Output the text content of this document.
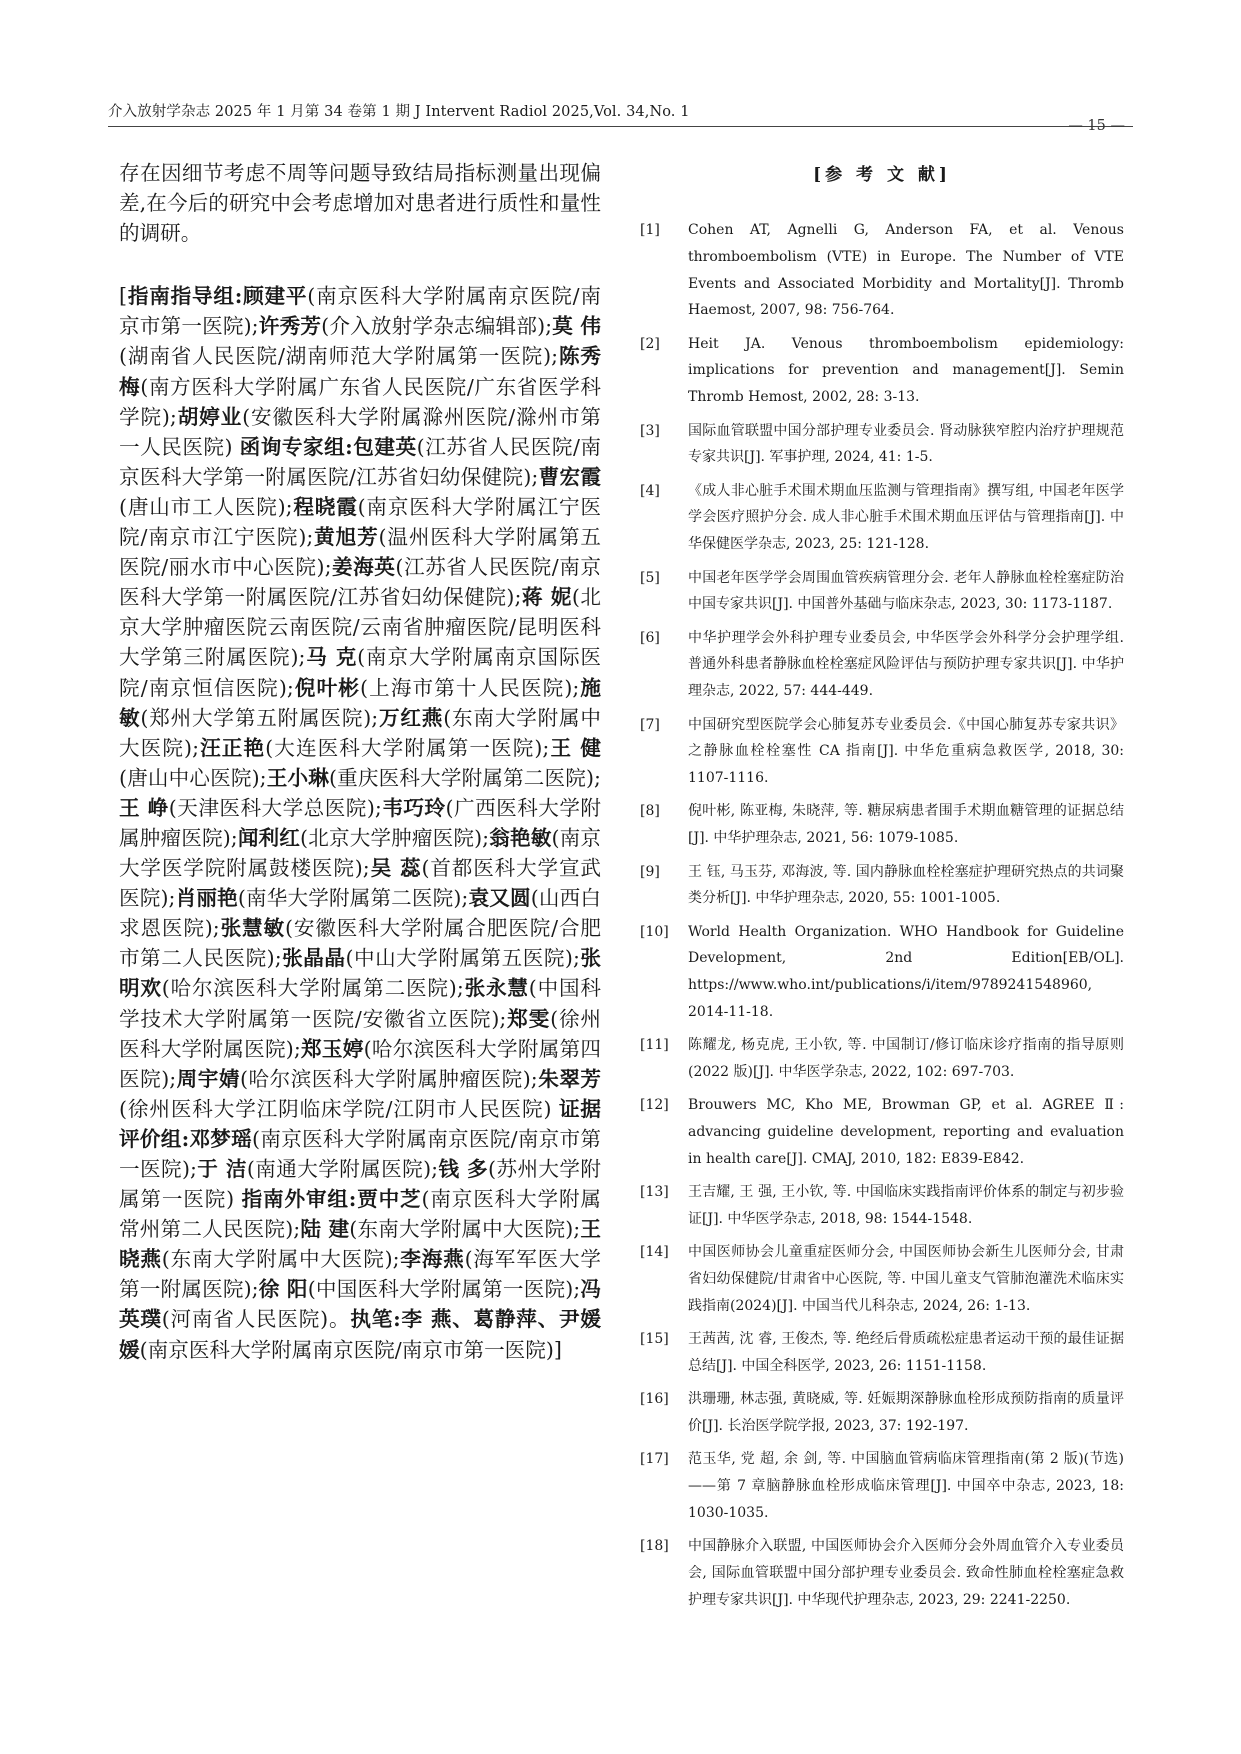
介入放射学杂志 2025 年 1 月第 34 卷第 1 期 J Intervent Radiol 2025,Vol. 34,No. 1
— 15 —

存在因细节考虑不周等问题导致结局指标测量出现偏差,在今后的研究中会考虑增加对患者进行质性和量性的调研。

[指南指导组:顾建平(南京医科大学附属南京医院/南京市第一医院);许秀芳(介入放射学杂志编辑部);莫 伟(湖南省人民医院/湖南师范大学附属第一医院);陈秀梅(南方医科大学附属广东省人民医院/广东省医学科学院);胡婷业(安徽医科大学附属滁州医院/滁州市第一人民医院) 函询专家组:包建英(江苏省人民医院/南京医科大学第一附属医院/江苏省妇幼保健院);曹宏霞(唐山市工人医院);程晓霞(南京医科大学附属江宁医院/南京市江宁医院);黄旭芳(温州医科大学附属第五医院/丽水市中心医院);姜海英(江苏省人民医院/南京医科大学第一附属医院/江苏省妇幼保健院);蒋 妮(北京大学肿瘤医院云南医院/云南省肿瘤医院/昆明医科大学第三附属医院);马 克(南京大学附属南京国际医院/南京恒信医院);倪叶彬(上海市第十人民医院);施 敏(郑州大学第五附属医院);万红燕(东南大学附属中大医院);汪正艳(大连医科大学附属第一医院);王 健(唐山中心医院);王小琳(重庆医科大学附属第二医院);王 峥(天津医科大学总医院);韦巧玲(广西医科大学附属肿瘤医院);闻利红(北京大学肿瘤医院);翁艳敏(南京大学医学院附属鼓楼医院);吴 蕊(首都医科大学宣武医院);肖丽艳(南华大学附属第二医院);袁又圆(山西白求恩医院);张慧敏(安徽医科大学附属合肥医院/合肥市第二人民医院);张晶晶(中山大学附属第五医院);张明欢(哈尔滨医科大学附属第二医院);张永慧(中国科学技术大学附属第一医院/安徽省立医院);郑雯(徐州医科大学附属医院);郑玉婷(哈尔滨医科大学附属第四医院);周宇婧(哈尔滨医科大学附属肿瘤医院);朱翠芳(徐州医科大学江阴临床学院/江阴市人民医院) 证据评价组:邓梦瑶(南京医科大学附属南京医院/南京市第一医院);于 洁(南通大学附属医院);钱 多(苏州大学附属第一医院) 指南外审组:贾中芝(南京医科大学附属常州第二人民医院);陆 建(东南大学附属中大医院);王晓燕(东南大学附属中大医院);李海燕(海军军医大学第一附属医院);徐 阳(中国医科大学附属第一医院);冯英璞(河南省人民医院)。执笔:李 燕、葛静萍、尹媛媛(南京医科大学附属南京医院/南京市第一医院)]

[参 考 文 献]
[1]	Cohen AT, Agnelli G, Anderson FA, et al. Venous thromboembolism (VTE) in Europe. The Number of VTE Events and Associated Morbidity and Mortality[J]. Thromb Haemost, 2007, 98: 756-764.
[2]	Heit JA. Venous thromboembolism epidemiology: implications for prevention and management[J]. Semin Thromb Hemost, 2002, 28: 3-13.
[3]	国际血管联盟中国分部护理专业委员会. 肾动脉狭窄腔内治疗护理规范专家共识[J]. 军事护理, 2024, 41: 1-5.
[4]	《成人非心脏手术围术期血压监测与管理指南》撰写组, 中国老年医学学会医疗照护分会. 成人非心脏手术围术期血压评估与管理指南[J]. 中华保健医学杂志, 2023, 25: 121-128.
[5]	中国老年医学学会周围血管疾病管理分会. 老年人静脉血栓栓塞症防治中国专家共识[J]. 中国普外基础与临床杂志, 2023, 30: 1173-1187.
[6]	中华护理学会外科护理专业委员会, 中华医学会外科学分会护理学组. 普通外科患者静脉血栓栓塞症风险评估与预防护理专家共识[J]. 中华护理杂志, 2022, 57: 444-449.
[7]	中国研究型医院学会心肺复苏专业委员会.《中国心肺复苏专家共识》之静脉血栓栓塞性 CA 指南[J]. 中华危重病急救医学, 2018, 30: 1107-1116.
[8]	倪叶彬, 陈亚梅, 朱晓萍, 等. 糖尿病患者围手术期血糖管理的证据总结[J]. 中华护理杂志, 2021, 56: 1079-1085.
[9]	王 钰, 马玉芬, 邓海波, 等. 国内静脉血栓栓塞症护理研究热点的共词聚类分析[J]. 中华护理杂志, 2020, 55: 1001-1005.
[10]	World Health Organization. WHO Handbook for Guideline Development, 2nd Edition[EB/OL]. https://www.who.int/publications/i/item/9789241548960, 2014-11-18.
[11]	陈耀龙, 杨克虎, 王小钦, 等. 中国制订/修订临床诊疗指南的指导原则(2022 版)[J]. 中华医学杂志, 2022, 102: 697-703.
[12]	Brouwers MC, Kho ME, Browman GP, et al. AGREE Ⅱ: advancing guideline development, reporting and evaluation in health care[J]. CMAJ, 2010, 182: E839-E842.
[13]	王吉耀, 王 强, 王小钦, 等. 中国临床实践指南评价体系的制定与初步验证[J]. 中华医学杂志, 2018, 98: 1544-1548.
[14]	中国医师协会儿童重症医师分会, 中国医师协会新生儿医师分会, 甘肃省妇幼保健院/甘肃省中心医院, 等. 中国儿童支气管肺泡灌洗术临床实践指南(2024)[J]. 中国当代儿科杂志, 2024, 26: 1-13.
[15]	王茜茜, 沈 睿, 王俊杰, 等. 绝经后骨质疏松症患者运动干预的最佳证据总结[J]. 中国全科医学, 2023, 26: 1151-1158.
[16]	洪珊珊, 林志强, 黄晓威, 等. 妊娠期深静脉血栓形成预防指南的质量评价[J]. 长治医学院学报, 2023, 37: 192-197.
[17]	范玉华, 党 超, 余 剑, 等. 中国脑血管病临床管理指南(第 2 版)(节选)——第 7 章脑静脉血栓形成临床管理[J]. 中国卒中杂志, 2023, 18: 1030-1035.
[18]	中国静脉介入联盟, 中国医师协会介入医师分会外周血管介入专业委员会, 国际血管联盟中国分部护理专业委员会. 致命性肺血栓栓塞症急救护理专家共识[J]. 中华现代护理杂志, 2023, 29: 2241-2250.
